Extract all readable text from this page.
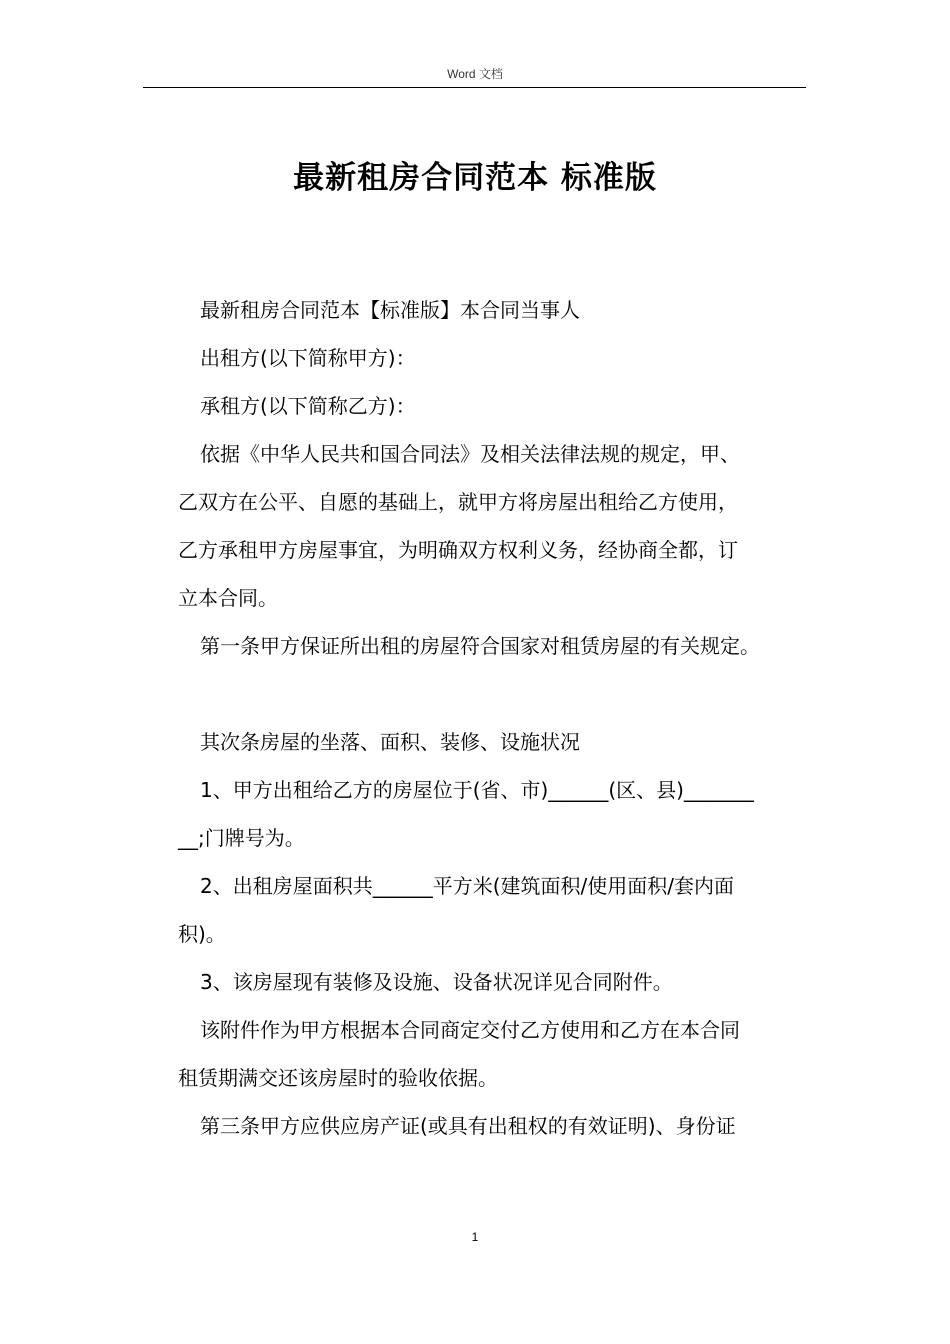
Word 文档
最新租房合同范本 标准版

最新租房合同范本【标准版】本合同当事人

出租方(以下简称甲方)：

承租方(以下简称乙方)：

依据《中华人民共和国合同法》及相关法律法规的规定，甲、

乙双方在公平、自愿的基础上，就甲方将房屋出租给乙方使用，

乙方承租甲方房屋事宜，为明确双方权利义务，经协商全都，订

立本合同。

第一条甲方保证所出租的房屋符合国家对租赁房屋的有关规定。

其次条房屋的坐落、面积、装修、设施状况

1、甲方出租给乙方的房屋位于(省、市)______(区、县)_______

__;门牌号为。

2、出租房屋面积共______平方米(建筑面积/使用面积/套内面

积)。

3、该房屋现有装修及设施、设备状况详见合同附件。

该附件作为甲方根据本合同商定交付乙方使用和乙方在本合同

租赁期满交还该房屋时的验收依据。

第三条甲方应供应房产证(或具有出租权的有效证明)、身份证

1
